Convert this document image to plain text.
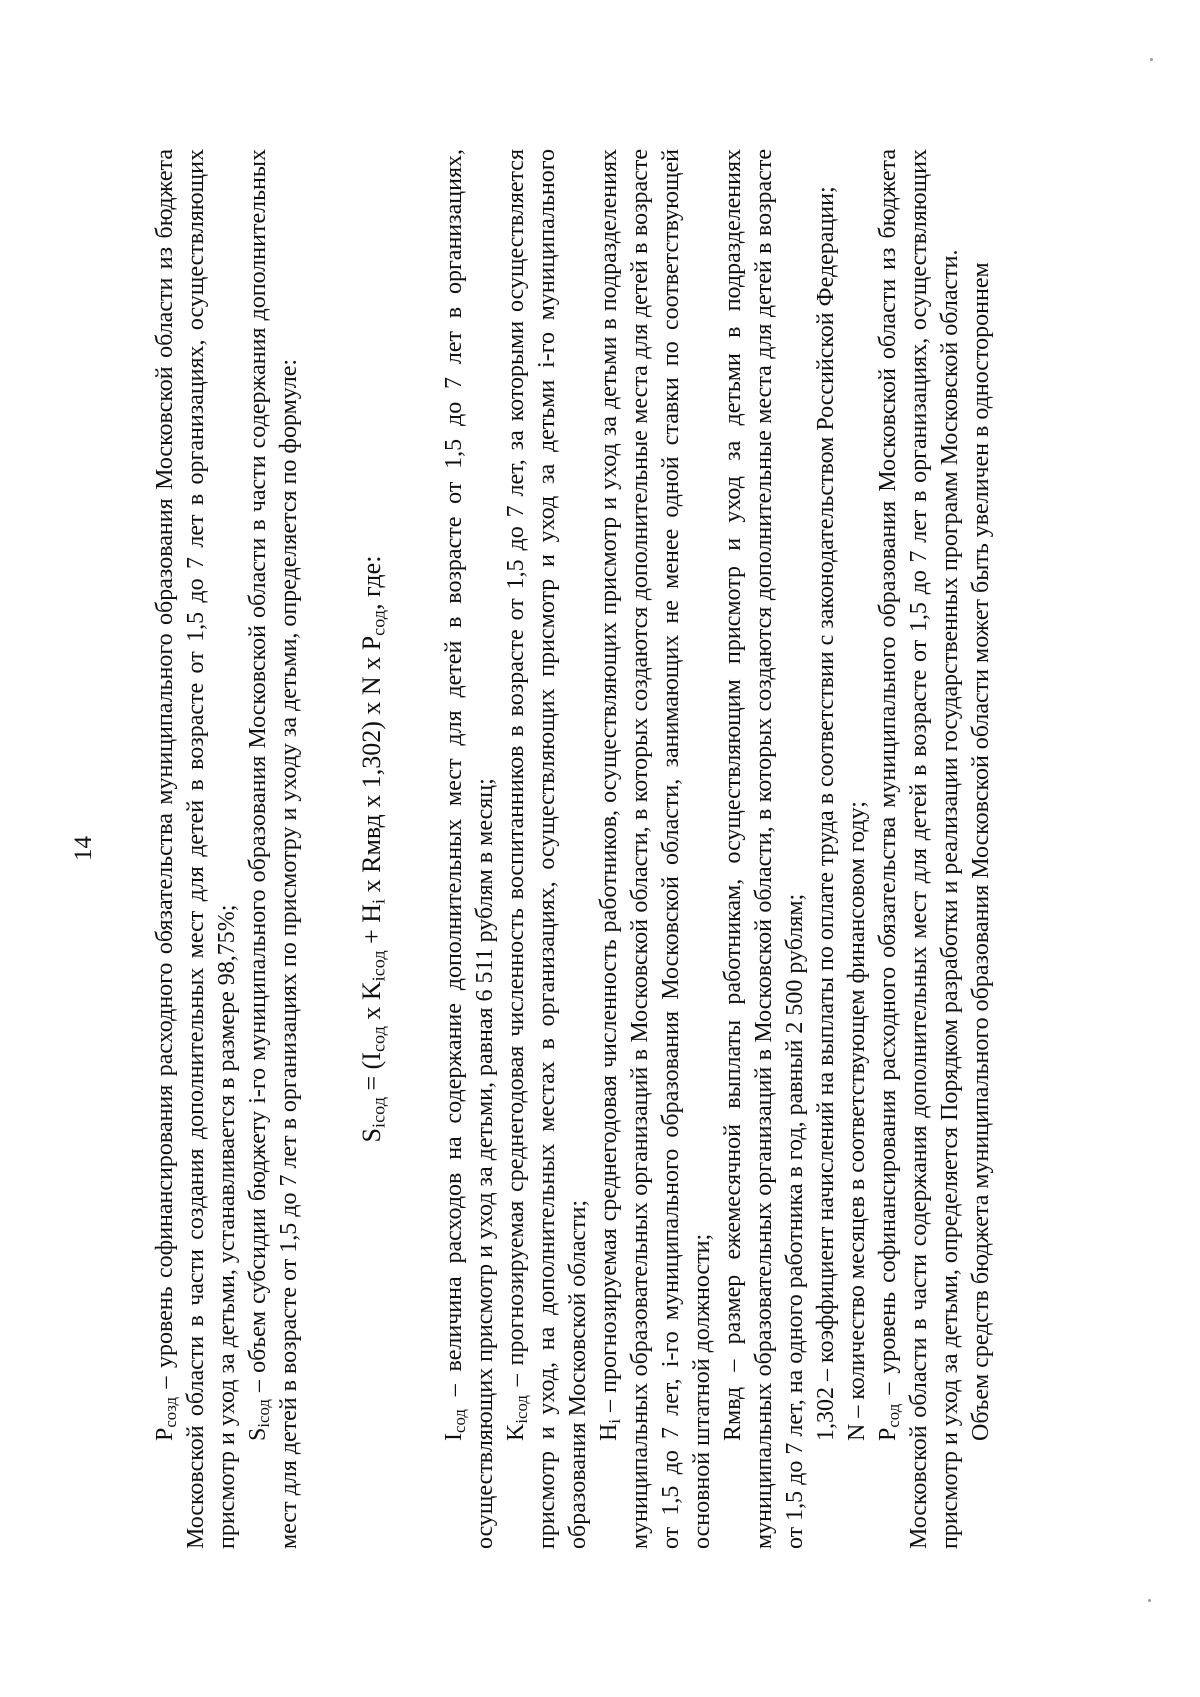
14

$P_{созд}$ – уровень софинансирования расходного обязательства муниципального образования Московской области из бюджета Московской области в части создания дополнительных мест для детей в возрасте от 1,5 до 7 лет в организациях, осуществляющих присмотр и уход за детьми, устанавливается в размере 98,75%; $S_{iсод}$ – объем субсидии бюджету i-го муниципального образования Московской области в части содержания дополнительных мест для детей в возрасте от 1,5 до 7 лет в организациях по присмотру и уходу за детьми, определяется по формуле: $S_{iсод} = (I_{сод}$ x $K_{iсод} + H_i$ x Rмвд x 1,302) x N x $P_{сод}$, где:

$I_{сод}$ – величина расходов на содержание дополнительных мест для детей в возрасте от 1,5 до 7 лет в организациях, осуществляющих присмотр и уход за детьми, равная 6 511 рублям в месяц; $K_{iсод}$ – прогнозируемая среднегодовая численность воспитанников в возрасте от 1,5 до 7 лет, за которыми осуществляется присмотр и уход, на дополнительных местах в организациях, осуществляющих присмотр и уход за детьми i-го муниципального образования Московской области; $H_i$ – прогнозируемая среднегодовая численность работников, осуществляющих присмотр и уход за детьми в подразделениях муниципальных образовательных организаций в Московской области, в которых создаются дополнительные места для детей в возрасте от 1,5 до 7 лет, i-го муниципального образования Московской области, занимающих не менее одной ставки по соответствующей основной штатной должности; Rмвд – размер ежемесячной выплаты работникам, осуществляющим присмотр и уход за детьми в подразделениях муниципальных образовательных организаций в Московской области, в которых создаются дополнительные места для детей в возрасте от 1,5 до 7 лет, на одного работника в год, равный 2 500 рублям; 1,302 – коэффициент начислений на выплаты по оплате труда в соответствии с законодательством Российской Федерации; N – количество месяцев в соответствующем финансовом году; $P_{сод}$ – уровень софинансирования расходного обязательства муниципального образования Московской области из бюджета Московской области в части содержания дополнительных мест для детей в возрасте от 1,5 до 7 лет в организациях, осуществляющих присмотр и уход за детьми, определяется Порядком разработки и реализации государственных программ Московской области. Объем средств бюджета муниципального образования Московской области может быть увеличен в одностороннем
